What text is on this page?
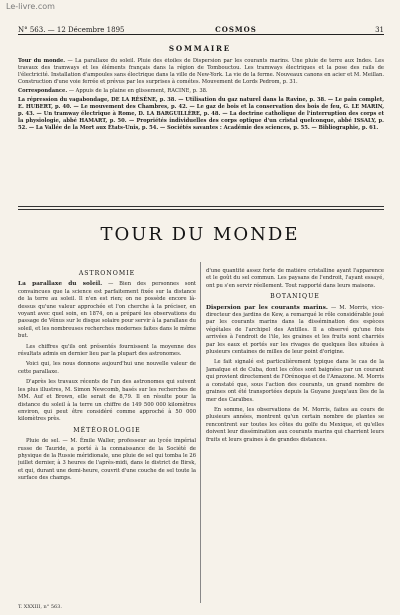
Le-livre.com
N° 563. — 12 Décembre 1895	COSMOS	31
SOMMAIRE

Tour du monde. — La parallaxe du soleil. Pluie des étoiles de Dispersion par les courants marins. Une pluie de terre aux Indes. Les travaux des tramways et les éléments français dans la région de Tombouctou. Les tramways électriques et la pose des rails de l'électricité. Installation d'ampoules sans électrique dans la ville de New-York. La vie de la ferme. Nouveaux canons en acier et M. Meillan. Construction d'une voie ferrée et prévus par les surprises à cométes. Mouvement de Lords Pedrom, p. 31.

Correspondance. — Appuis de la plaine en glissement, RACINE, p. 38.

La répression du vagabondage, DE LA RÉSÈNE, p. 38. — Utilisation du gaz naturel dans la Ravine, p. 38. — Le pain complet, E. HUBERT, p. 40. — Le mouvement des Chambres, p. 42. — Le gaz de bois et la conservation des bois de feu, G. LE MARIN, p. 43. — Un tramway électrique à Rome, D. LA BARGUILLÈRE, p. 48. — La doctrine catholique de l'interruption des corps et la physiologie, abbé HAMART, p. 50. — Propriétés individuelles des corps optique d'un cristal quelconque, abbé ISSALY, p. 52. — La Vallée de la Mort aux États-Unis, p. 54. — Sociétés savantes : Académie des sciences, p. 55. — Bibliographie, p. 61.

TOUR DU MONDE
ASTRONOMIE

La parallaxe du soleil. — Bien des personnes sont convaincues que la science est parfaitement fixée sur la distance de la terre au soleil. Il n'en est rien; on ne possède encore là-dessus qu'une valeur approchée et l'on cherche à la préciser, en voyant avec quel soin, en 1874, on a préparé les observations du passage de Vénus sur le disque solaire pour servir à la parallaxe du soleil, et les nombreuses recherches modernes faites dans le même but.

Les chiffres qu'ils ont présentés fournissent la moyenne des résultats admis en dernier lieu par la plupart des astronomes.

Voici qui, les nous donnons aujourd'hui une nouvelle valeur de cette parallaxe.

D'après les travaux récents de l'un des astronomes qui suivent les plus illustres, M. Simon Newcomb, basés sur les recherches de MM. Auf et Brown, elle serait de 8,79. Il en résulte pour la distance du soleil à la terre un chiffre de 149 500 000 kilomètres environ, qui peut être considéré comme approché à 50 000 kilomètres près.

MÉTÉOROLOGIE

Pluie de sel. — M. Émile Waller, professeur au lycée impérial russe de Tauride, a porté à la connaissance de la Société de physique de la Russie méridionale, une pluie de sel qui tomba le 26 juillet dernier, à 3 heures de l'après-midi, dans le district de Birsk, et qui, durant une demi-heure, couvrit d'une couche de sel toute la surface des champs.

d'une quantité assez forte de matière cristalline ayant l'apparence et le goût du sel commun. Les paysans de l'endroit, l'ayant essayé, ont pu s'en servir réellement. Tout rapporté dans leurs maisons.

BOTANIQUE

Dispersion par les courants marins. — M. Morris, vice-directeur des jardins de Kew, a remarqué le rôle considérable joué par les courants marins dans la dissémination des espèces végétales de l'archipel des Antilles. Il a observé qu'une fois arrivées à l'endroit de l'ile, les graines et les fruits sont charriés par les eaux et portés sur les rivages de quelques îles situées à plusieurs centaines de milles de leur point d'origine.

Le fait signalé est particulièrement typique dans le cas de la Jamaïque et de Cuba, dont les côtes sont baignées par un courant qui provient directement de l'Orénoque et de l'Amazone. M. Morris a constaté que, sous l'action des courants, un grand nombre de graines ont été transportées depuis la Guyane jusqu'aux îles de la mer des Caraïbes.

En somme, les observations de M. Morris, faites au cours de plusieurs années, montrent qu'un certain nombre de plantes se rencontrent sur toutes les côtes du golfe du Mexique, et qu'elles doivent leur dissémination aux courants marins qui charrient leurs fruits et leurs graines à de grandes distances.

T. XXXIII, n° 563.
